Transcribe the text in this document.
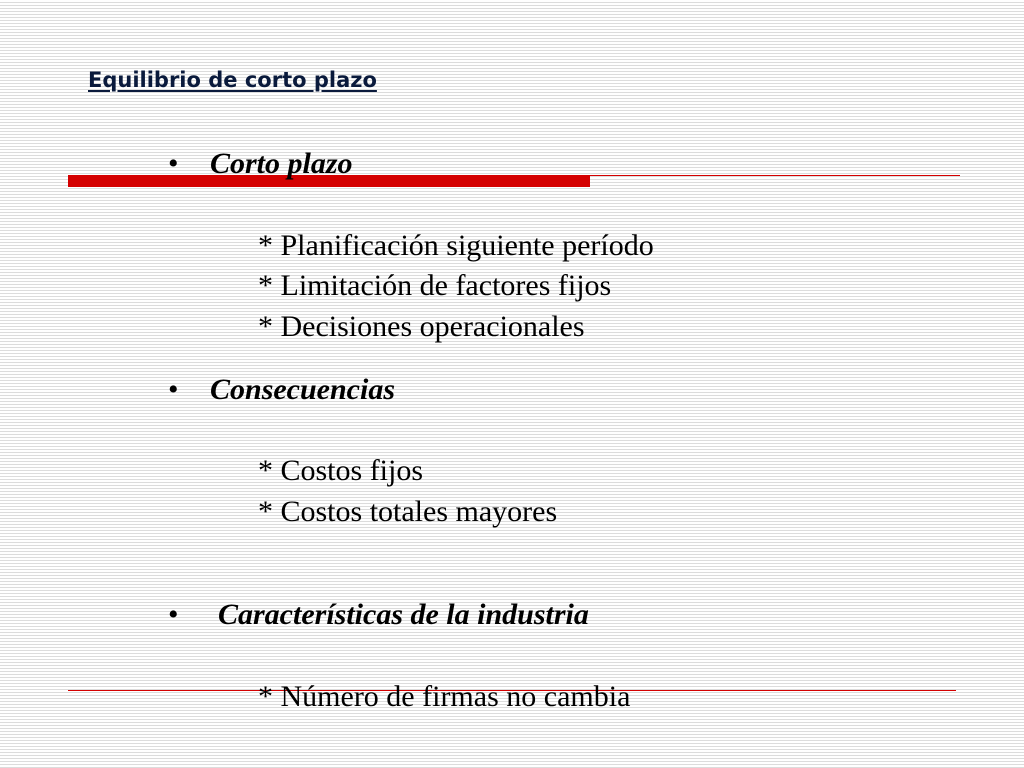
Equilibrio de corto plazo
• Corto plazo
* Planificación siguiente período
* Limitación de factores fijos
* Decisiones operacionales
• Consecuencias
* Costos fijos
* Costos totales mayores
• Características de la industria
* Número de firmas no cambia
